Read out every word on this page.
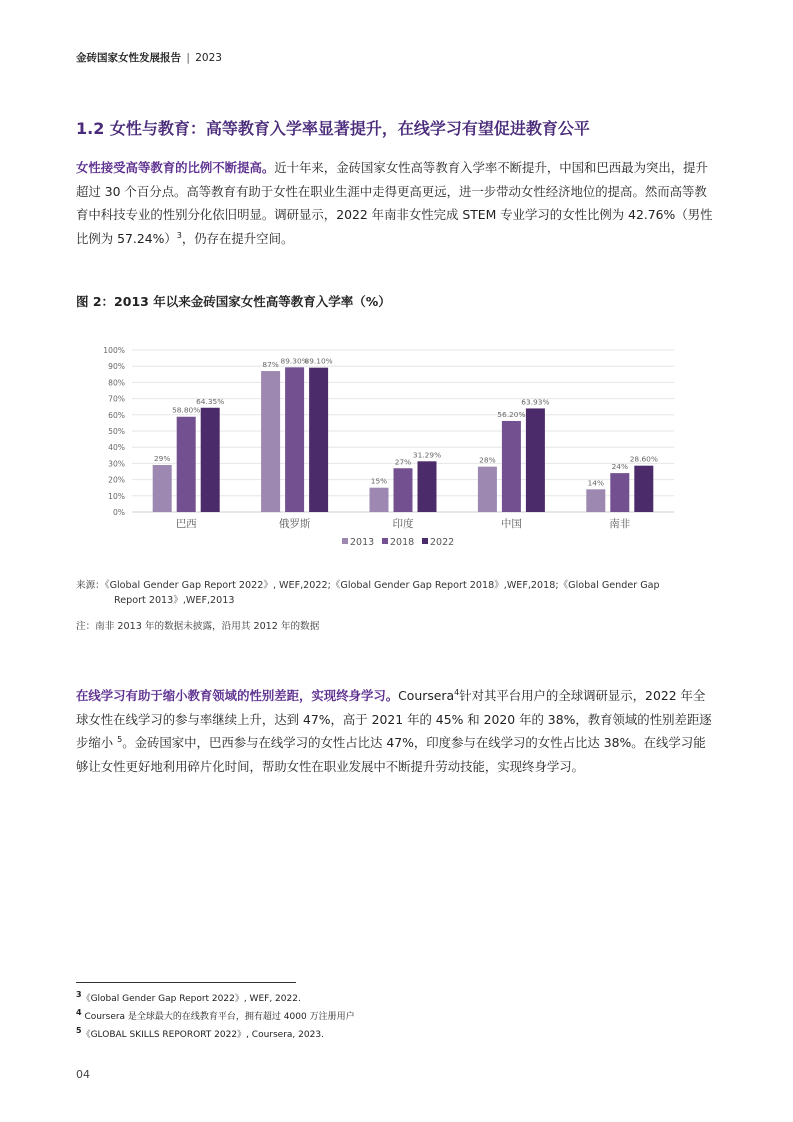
金砖国家女性发展报告 | 2023
1.2 女性与教育：高等教育入学率显著提升，在线学习有望促进教育公平
女性接受高等教育的比例不断提高。近十年来，金砖国家女性高等教育入学率不断提升，中国和巴西最为突出，提升超过 30 个百分点。高等教育有助于女性在职业生涯中走得更高更远，进一步带动女性经济地位的提高。然而高等教育中科技专业的性别分化依旧明显。调研显示，2022 年南非女性完成 STEM 专业学习的女性比例为 42.76%（男性比例为 57.24%）$^3$，仍存在提升空间。
图 2：2013 年以来金砖国家女性高等教育入学率（%）
0%
10%
20%
30%
40%
50%
60%
70%
80%
90%
100%
29%
58.80%
64.35%
87% 89.30%
89.10%
15%
27%
31.29%
28%
56.20%
63.93%
14%
24%
28.60%
巴西	俄罗斯	印度	中国	南非
2013 2018 2022
来源：《Global Gender Gap Report 2022》, WEF,2022;《Global Gender Gap Report 2018》,WEF,2018;《Global Gender Gap
Report 2013》,WEF,2013
注：南非 2013 年的数据未披露，沿用其 2012 年的数据
在线学习有助于缩小教育领域的性别差距，实现终身学习。Coursera$^4$针对其平台用户的全球调研显示，2022 年全球女性在线学习的参与率继续上升，达到 47%，高于 2021 年的 45% 和 2020 年的 38%，教育领域的性别差距逐步缩小 $^5$。金砖国家中，巴西参与在线学习的女性占比达 47%，印度参与在线学习的女性占比达 38%。在线学习能够让女性更好地利用碎片化时间，帮助女性在职业发展中不断提升劳动技能，实现终身学习。
$^3$《Global Gender Gap Report 2022》, WEF, 2022.
$^4$ Coursera 是全球最大的在线教育平台，拥有超过 4000 万注册用户
$^5$《GLOBAL SKILLS REPORORT 2022》, Coursera, 2023.
04
